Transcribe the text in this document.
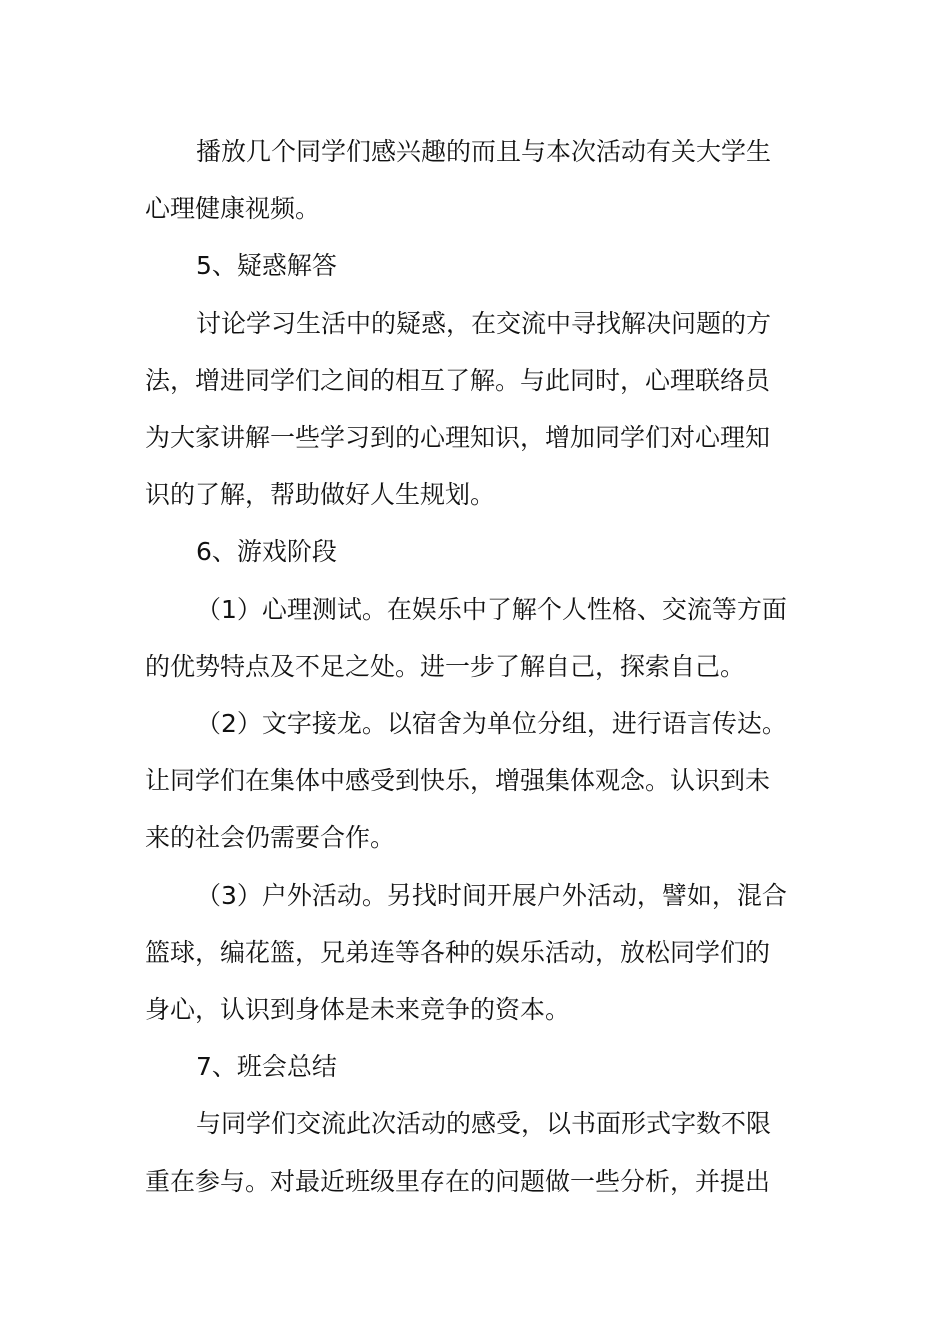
播放几个同学们感兴趣的而且与本次活动有关大学生
心理健康视频。
5、疑惑解答
讨论学习生活中的疑惑，在交流中寻找解决问题的方
法，增进同学们之间的相互了解。与此同时，心理联络员
为大家讲解一些学习到的心理知识，增加同学们对心理知
识的了解，帮助做好人生规划。
6、游戏阶段
（1）心理测试。在娱乐中了解个人性格、交流等方面
的优势特点及不足之处。进一步了解自己，探索自己。
（2）文字接龙。以宿舍为单位分组，进行语言传达。
让同学们在集体中感受到快乐，增强集体观念。认识到未
来的社会仍需要合作。
（3）户外活动。另找时间开展户外活动，譬如，混合
篮球，编花篮，兄弟连等各种的娱乐活动，放松同学们的
身心，认识到身体是未来竞争的资本。
7、班会总结
与同学们交流此次活动的感受，以书面形式字数不限
重在参与。对最近班级里存在的问题做一些分析，并提出
